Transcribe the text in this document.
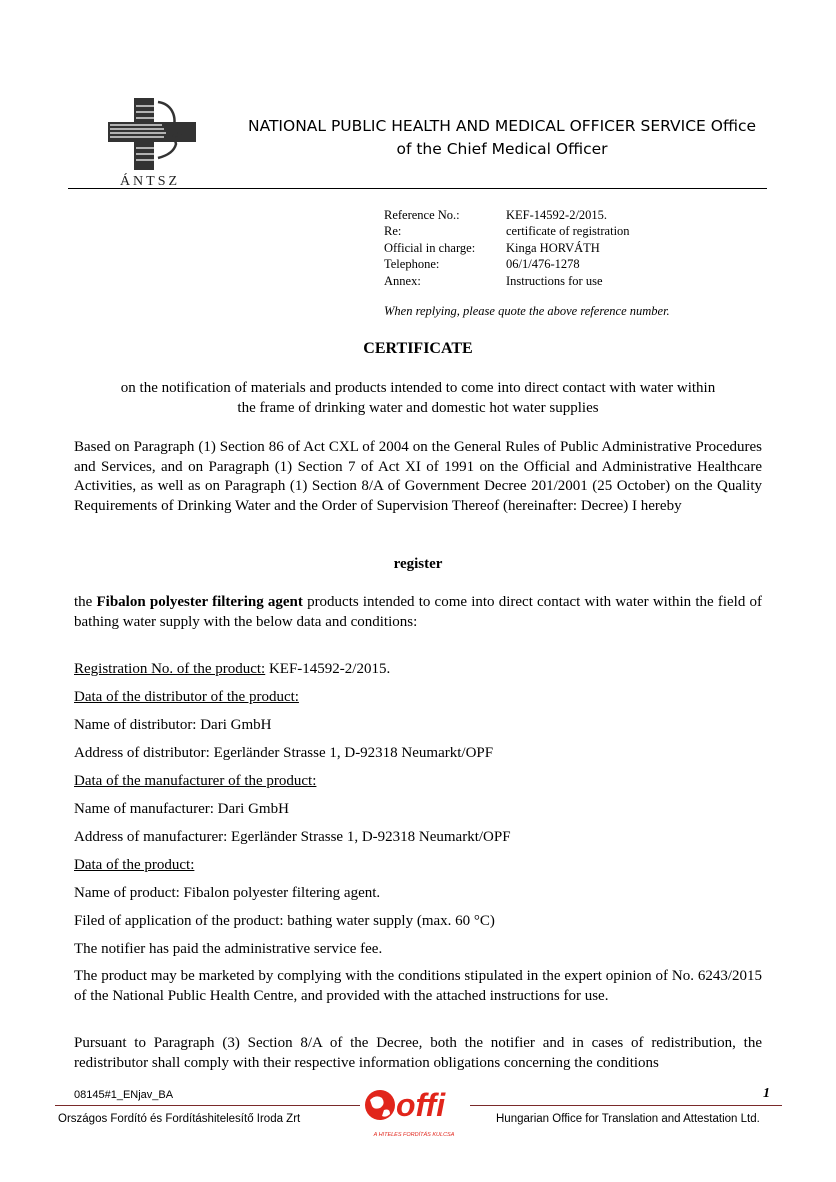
ÁNTSZ
NATIONAL PUBLIC HEALTH AND MEDICAL OFFICER SERVICE Office
of the Chief Medical Officer
Reference No.:	KEF-14592-2/2015.
Re:	certificate of registration
Official in charge:	Kinga HORVÁTH
Telephone:	06/1/476-1278
Annex:	Instructions for use
When replying, please quote the above reference number.
CERTIFICATE
on the notification of materials and products intended to come into direct contact with water within
the frame of drinking water and domestic hot water supplies
Based on Paragraph (1) Section 86 of Act CXL of 2004 on the General Rules of Public Administrative Procedures and Services, and on Paragraph (1) Section 7 of Act XI of 1991 on the Official and Administrative Healthcare Activities, as well as on Paragraph (1) Section 8/A of Government Decree 201/2001 (25 October) on the Quality Requirements of Drinking Water and the Order of Supervision Thereof (hereinafter: Decree) I hereby
register
the Fibalon polyester filtering agent products intended to come into direct contact with water within the field of bathing water supply with the below data and conditions:
Registration No. of the product: KEF-14592-2/2015.
Data of the distributor of the product:
Name of distributor: Dari GmbH
Address of distributor: Egerländer Strasse 1, D-92318 Neumarkt/OPF
Data of the manufacturer of the product:
Name of manufacturer: Dari GmbH
Address of manufacturer: Egerländer Strasse 1, D-92318 Neumarkt/OPF
Data of the product:
Name of product: Fibalon polyester filtering agent.
Filed of application of the product: bathing water supply (max. 60 °C)
The notifier has paid the administrative service fee.
The product may be marketed by complying with the conditions stipulated in the expert opinion of No. 6243/2015 of the National Public Health Centre, and provided with the attached instructions for use.
Pursuant to Paragraph (3) Section 8/A of the Decree, both the notifier and in cases of redistribution, the redistributor shall comply with their respective information obligations concerning the conditions
08145#1_ENjav_BA	1
Országos Fordító és Fordításhitelesítő Iroda Zrt	Hungarian Office for Translation and Attestation Ltd.
offi
A HITELES FORDÍTÁS KULCSA
